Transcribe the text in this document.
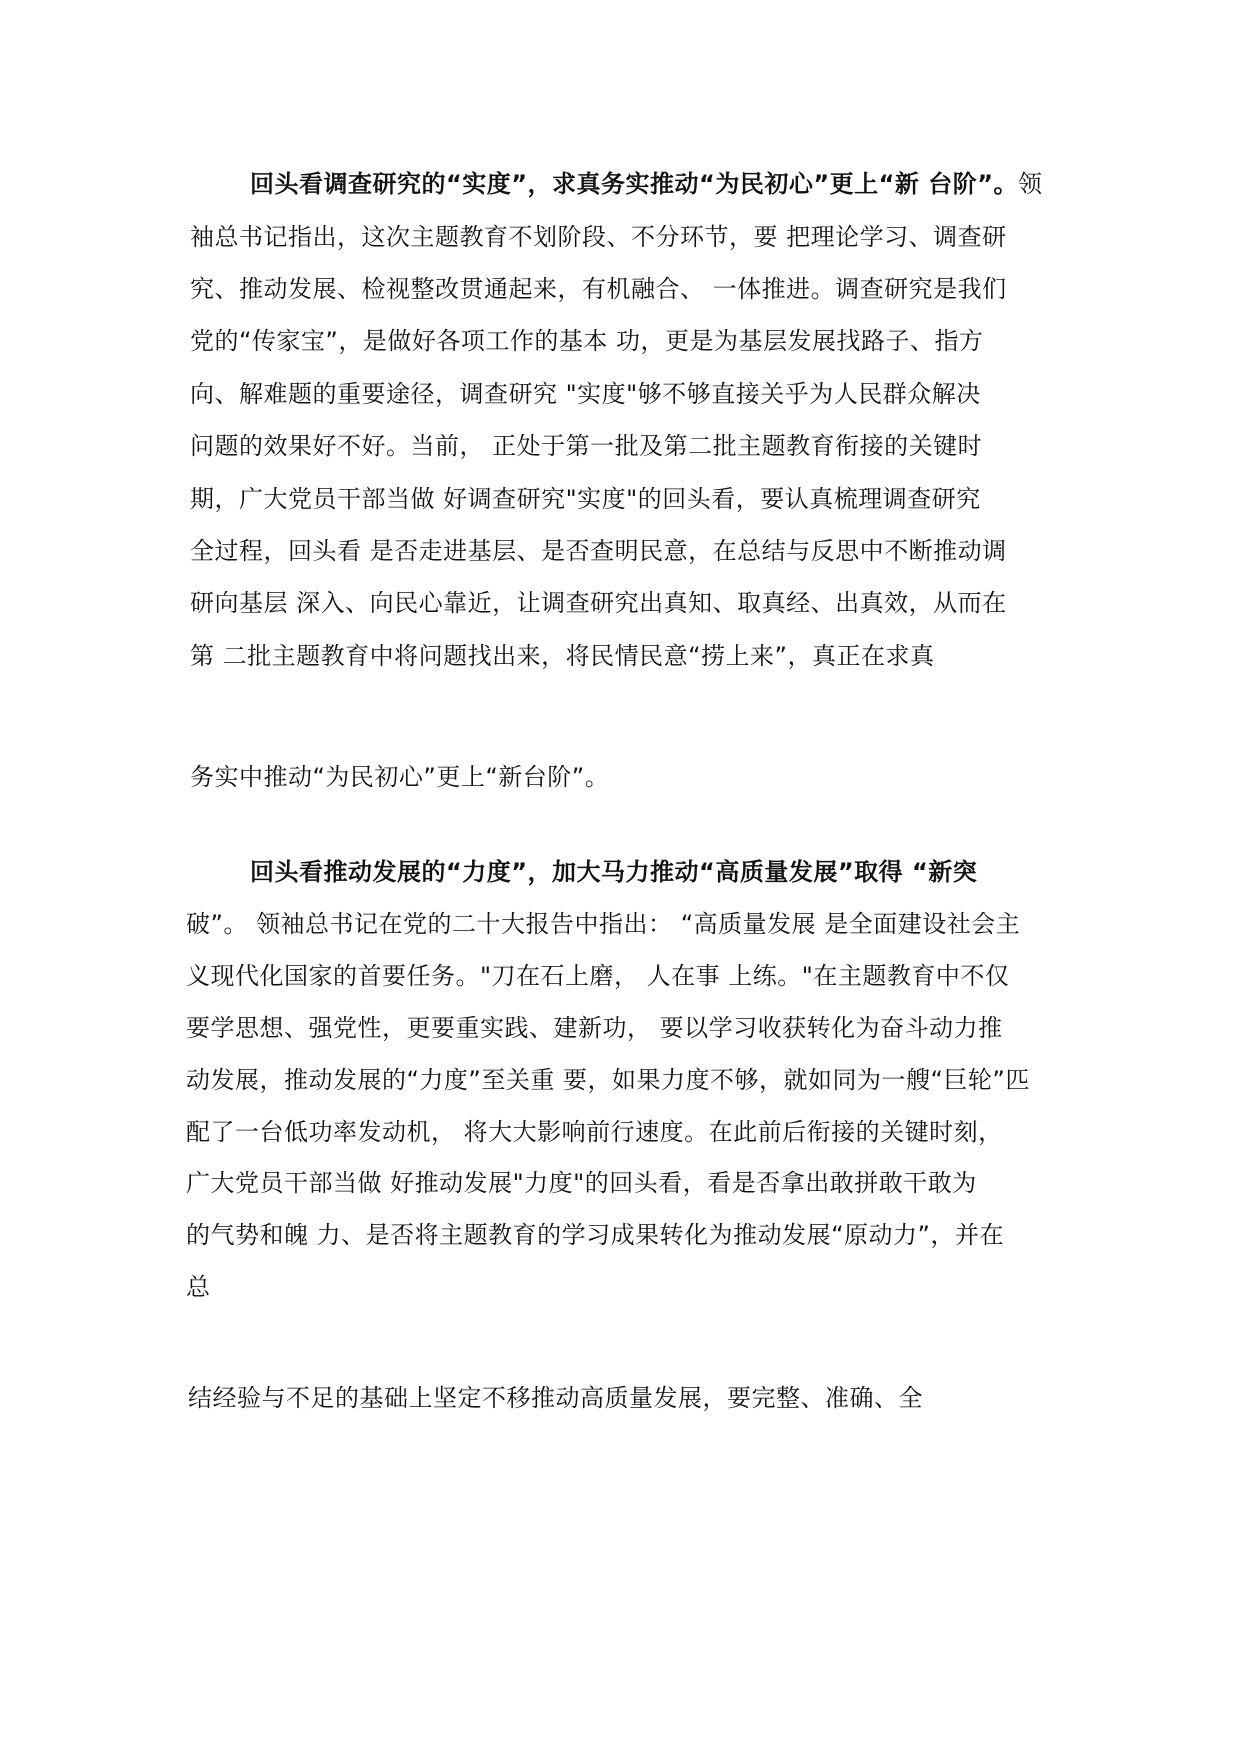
回头看调查研究的“实度”，求真务实推动“为民初心”更上“新 台阶”。领
袖总书记指出，这次主题教育不划阶段、不分环节，要 把理论学习、调查研
究、推动发展、检视整改贯通起来，有机融合、 一体推进。调查研究是我们
党的“传家宝”，是做好各项工作的基本 功，更是为基层发展找路子、指方
向、解难题的重要途径，调查研究 "实度"够不够直接关乎为人民群众解决
问题的效果好不好。当前， 正处于第一批及第二批主题教育衔接的关键时
期，广大党员干部当做 好调查研究"实度"的回头看，要认真梳理调查研究
全过程，回头看 是否走进基层、是否查明民意，在总结与反思中不断推动调
研向基层 深入、向民心靠近，让调查研究出真知、取真经、出真效，从而在
第 二批主题教育中将问题找出来，将民情民意“捞上来”，真正在求真
务实中推动“为民初心”更上“新台阶”。
回头看推动发展的“力度”，加大马力推动“高质量发展”取得 “新突
破”。 领袖总书记在党的二十大报告中指出： “高质量发展 是全面建设社会主
义现代化国家的首要任务。"刀在石上磨， 人在事 上练。"在主题教育中不仅
要学思想、强党性，更要重实践、建新功， 要以学习收获转化为奋斗动力推
动发展，推动发展的“力度”至关重 要，如果力度不够，就如同为一艘“巨轮”匹
配了一台低功率发动机， 将大大影响前行速度。在此前后衔接的关键时刻，
广大党员干部当做 好推动发展"力度"的回头看，看是否拿出敢拼敢干敢为
的气势和魄 力、是否将主题教育的学习成果转化为推动发展“原动力”，并在
总
结经验与不足的基础上坚定不移推动高质量发展，要完整、准确、全
